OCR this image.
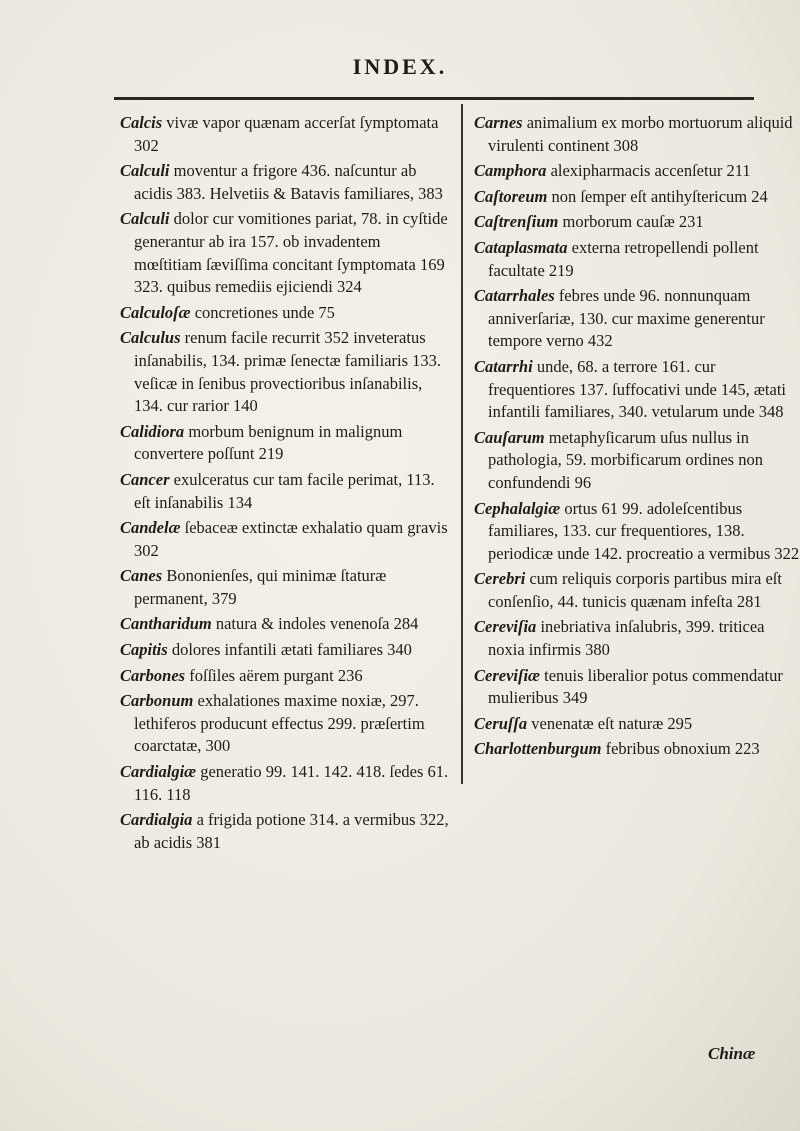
INDEX.
Calcis vivæ vapor quænam accerſat ſymptomata 302
Calculi moventur a frigore 436. naſcuntur ab acidis 383. Helvetiis & Batavis familiares, 383
Calculi dolor cur vomitiones pariat, 78. in cyſtide generantur ab ira 157. ob invadentem mœſtitiam ſæviſſima concitant ſymptomata 169 323. quibus remediis ejiciendi 324
Calculoſæ concretiones unde 75
Calculus renum facile recurrit 352 inveteratus inſanabilis, 134. primæ ſenectæ familiaris 133. veſicæ in ſenibus provectioribus inſanabilis, 134. cur rarior 140
Calidiora morbum benignum in malignum convertere poſſunt 219
Cancer exulceratus cur tam facile perimat, 113. eſt inſanabilis 134
Candelæ ſebaceæ extinctæ exhalatio quam gravis 302
Canes Bononienſes, qui minimæ ſtaturæ permanent, 379
Cantharidum natura & indoles venenoſa 284
Capitis dolores infantili ætati familiares 340
Carbones foſſiles aërem purgant 236
Carbonum exhalationes maxime noxiæ, 297. lethiferos producunt effectus 299. præſertim coarctatæ, 300
Cardialgiæ generatio 99. 141. 142. 418. ſedes 61. 116. 118
Cardialgia a frigida potione 314. a vermibus 322, ab acidis 381
Carnes animalium ex morbo mortuorum aliquid virulenti continent 308
Camphora alexipharmacis accenſetur 211
Caſtoreum non ſemper eſt antihyſtericum 24
Caſtrenſium morborum cauſæ 231
Cataplasmata externa retropellendi pollent facultate 219
Catarrhales febres unde 96. nonnunquam anniverſariæ, 130. cur maxime generentur tempore verno 432
Catarrhi unde, 68. a terrore 161. cur frequentiores 137. ſuffocativi unde 145, ætati infantili familiares, 340. vetularum unde 348
Cauſarum metaphyſicarum uſus nullus in pathologia, 59. morbificarum ordines non confundendi 96
Cephalalgiæ ortus 61 99. adoleſcentibus familiares, 133. cur frequentiores, 138. periodicæ unde 142. procreatio a vermibus 322
Cerebri cum reliquis corporis partibus mira eſt conſenſio, 44. tunicis quænam infeſta 281
Cereviſia inebriativa inſalubris, 399. triticea noxia infirmis 380
Cereviſiæ tenuis liberalior potus commendatur mulieribus 349
Ceruſſa venenatæ eſt naturæ 295
Charlottenburgum febribus obnoxium 223
Chinæ
